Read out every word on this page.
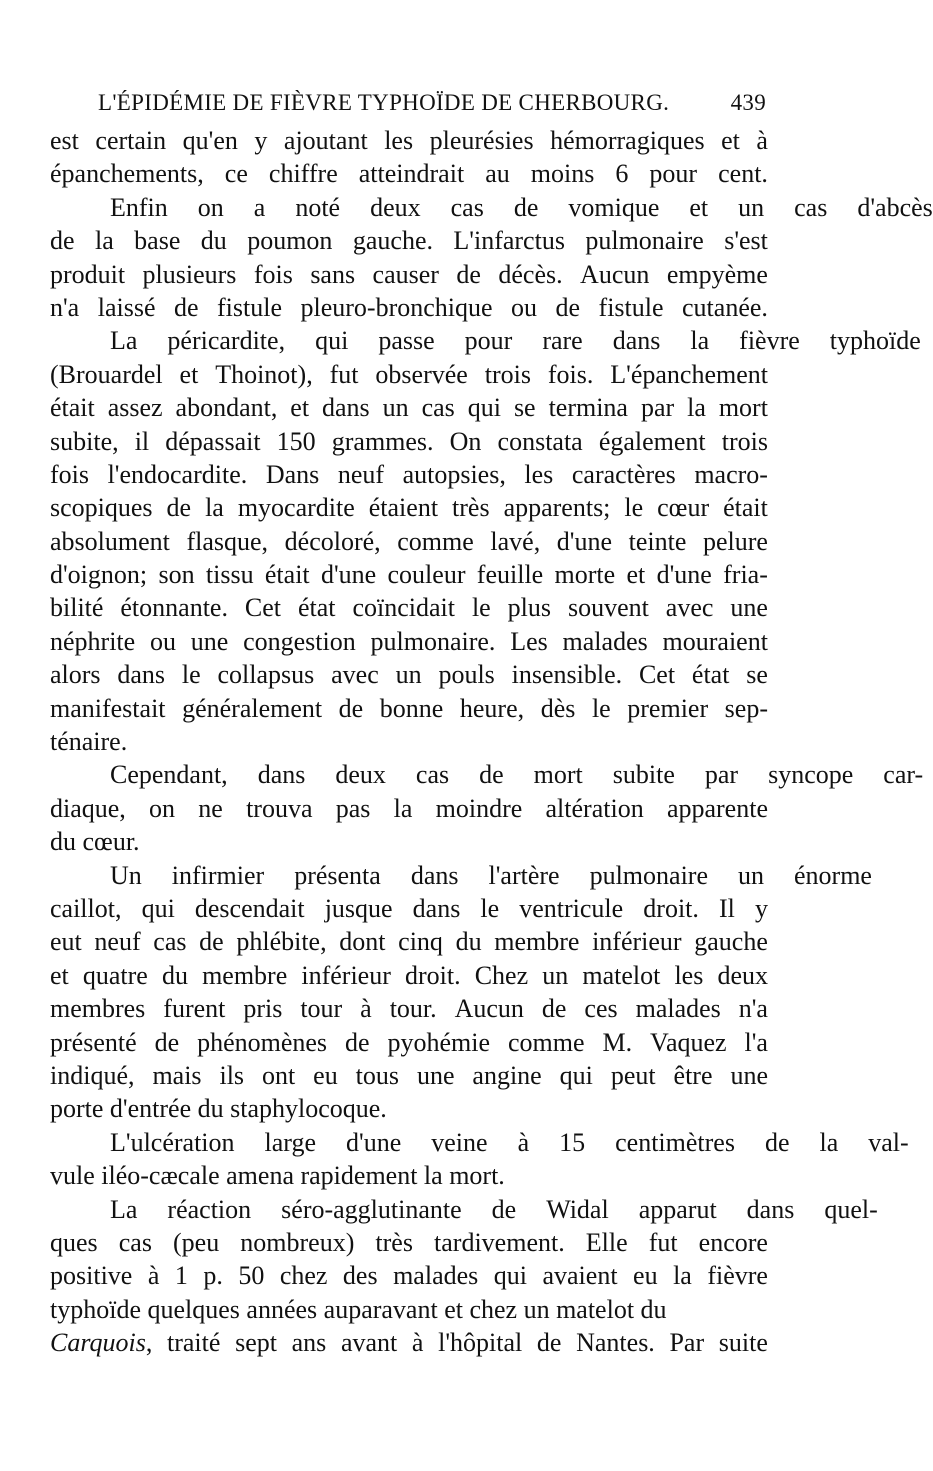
L'ÉPIDÉMIE DE FIÈVRE TYPHOÏDE DE CHERBOURG.	439
est certain qu'en y ajoutant les pleurésies hémorragiques et à
épanchements, ce chiffre atteindrait au moins 6 pour cent.
Enfin	on	a	noté	deux	cas	de	vomique	et	un	cas	d'abcès
de la base du poumon gauche. L'infarctus pulmonaire s'est
produit plusieurs fois sans causer de décès. Aucun empyème
n'a laissé de fistule pleuro-bronchique ou de fistule cutanée.
La	péricardite,	qui	passe	pour	rare	dans	la	fièvre	typhoïde
(Brouardel et Thoinot), fut observée trois fois. L'épanchement
était assez abondant, et dans un cas qui se termina par la mort
subite, il dépassait 150 grammes. On constata également trois
fois l'endocardite. Dans neuf autopsies, les caractères macro-
scopiques de la myocardite étaient très apparents; le cœur était
absolument flasque, décoloré, comme lavé, d'une teinte pelure
d'oignon; son tissu était d'une couleur feuille morte et d'une fria-
bilité étonnante. Cet état coïncidait le plus souvent avec une
néphrite ou une congestion pulmonaire. Les malades mouraient
alors dans le collapsus avec un pouls insensible. Cet état se
manifestait généralement de bonne heure, dès le premier sep-
ténaire.
Cependant,	dans	deux	cas	de	mort	subite	par	syncope	car-
diaque, on ne trouva pas la moindre altération apparente
du cœur.
Un	infirmier	présenta	dans	l'artère	pulmonaire	un	énorme
caillot, qui descendait jusque dans le ventricule droit. Il y
eut neuf cas de phlébite, dont cinq du membre inférieur gauche
et quatre du membre inférieur droit. Chez un matelot les deux
membres furent pris tour à tour. Aucun de ces malades n'a
présenté de phénomènes de pyohémie comme M. Vaquez l'a
indiqué, mais ils ont eu tous une angine qui peut être une
porte d'entrée du staphylocoque.
L'ulcération	large	d'une	veine	à	15	centimètres	de	la	val-
vule iléo-cæcale amena rapidement la mort.
La	réaction	séro-agglutinante	de	Widal	apparut	dans	quel-
ques cas (peu nombreux) très tardivement. Elle fut encore
positive à 1 p. 50 chez des malades qui avaient eu la fièvre
typhoïde quelques années auparavant et chez un matelot du
Carquois, traité sept ans avant à l'hôpital de Nantes. Par suite
